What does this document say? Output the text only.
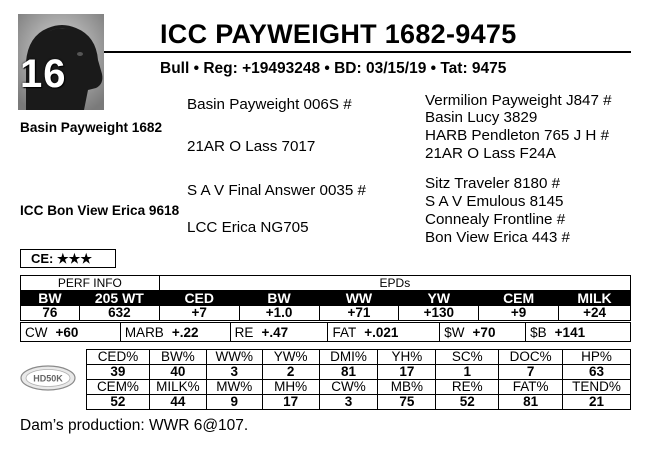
16
ICC PAYWEIGHT 1682-9475
Bull • Reg: +19493248 • BD: 03/15/19 • Tat: 9475
Basin Payweight 006S #
Basin Payweight 1682
21AR O Lass 7017
Vermilion Payweight J847 #
Basin Lucy 3829
HARB Pendleton 765 J H #
21AR O Lass F24A
S A V Final Answer 0035 #
ICC Bon View Erica 9618
LCC Erica NG705
Sitz Traveler 8180 #
S A V Emulous 8145
Connealy Frontline #
Bon View Erica 443 #
CE: ★★★
PERF INFO		EPDs					
BW	205 WT	CED	BW	WW	YW	CEM	MILK
76	632	+7	+1.0	+71	+130	+9	+24
CW +60	MARB +.22	RE +.47	FAT +.021	$W +70	$B +141
HD50K
CED%	BW%	WW%	YW%	DMI%	YH%	SC%	DOC%	HP%
39	40	3	2	81	17	1	7	63
CEM%	MILK%	MW%	MH%	CW%	MB%	RE%	FAT%	TEND%
52	44	9	17	3	75	52	81	21
Dam’s production: WWR 6@107.
